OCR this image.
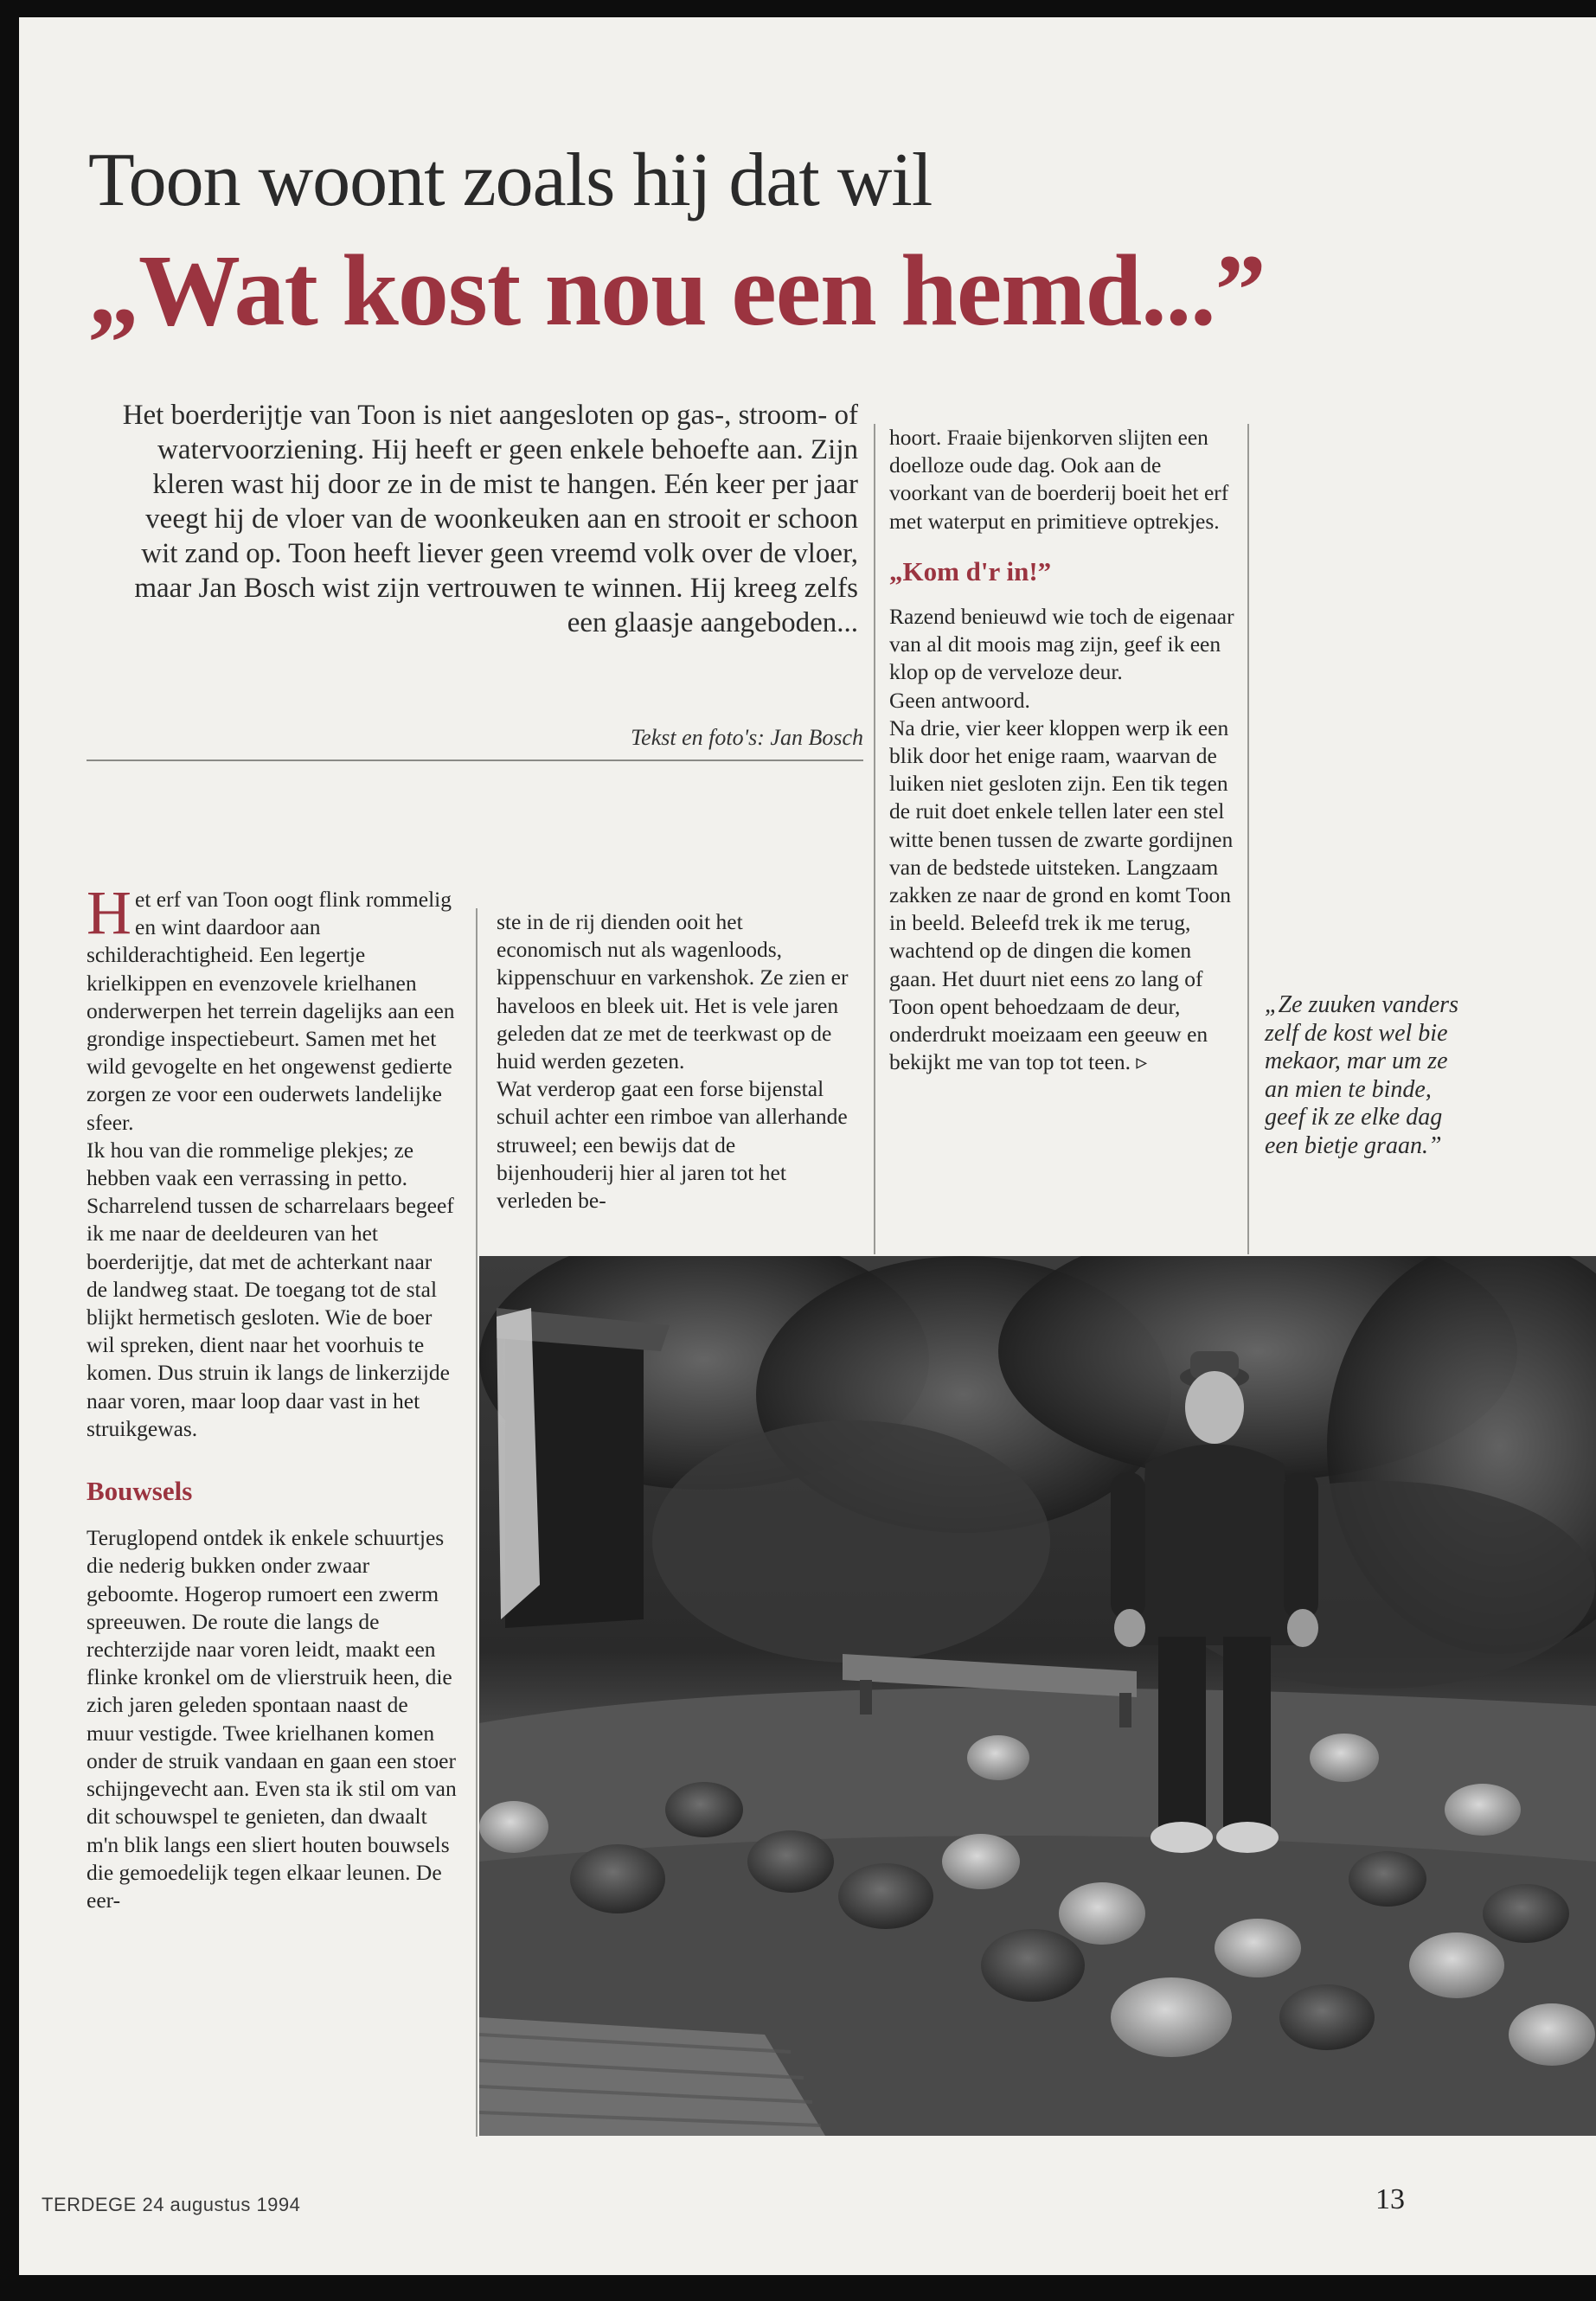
Toon woont zoals hij dat wil
„Wat kost nou een hemd...”
Het boerderijtje van Toon is niet aangesloten op gas-, stroom- of watervoorziening. Hij heeft er geen enkele behoefte aan. Zijn kleren wast hij door ze in de mist te hangen. Eén keer per jaar veegt hij de vloer van de woonkeuken aan en strooit er schoon wit zand op. Toon heeft liever geen vreemd volk over de vloer, maar Jan Bosch wist zijn vertrouwen te winnen. Hij kreeg zelfs een glaasje aangeboden...
Tekst en foto's: Jan Bosch

Het erf van Toon oogt flink rommelig en wint daardoor aan schilderachtigheid. Een legertje krielkippen en evenzovele krielhanen onderwerpen het terrein dagelijks aan een grondige inspectiebeurt. Samen met het wild gevogelte en het ongewenst gedierte zorgen ze voor een ouderwets landelijke sfeer.

Ik hou van die rommelige plekjes; ze hebben vaak een verrassing in petto. Scharrelend tussen de scharrelaars begeef ik me naar de deeldeuren van het boerderijtje, dat met de achterkant naar de landweg staat. De toegang tot de stal blijkt hermetisch gesloten. Wie de boer wil spreken, dient naar het voorhuis te komen. Dus struin ik langs de linkerzijde naar voren, maar loop daar vast in het struikgewas.

Bouwsels

Teruglopend ontdek ik enkele schuurtjes die nederig bukken onder zwaar geboomte. Hogerop rumoert een zwerm spreeuwen. De route die langs de rechterzijde naar voren leidt, maakt een flinke kronkel om de vlierstruik heen, die zich jaren geleden spontaan naast de muur vestigde. Twee krielhanen komen onder de struik vandaan en gaan een stoer schijngevecht aan. Even sta ik stil om van dit schouwspel te genieten, dan dwaalt m'n blik langs een sliert houten bouwsels die gemoedelijk tegen elkaar leunen. De eer-

ste in de rij dienden ooit het economisch nut als wagenloods, kippenschuur en varkenshok. Ze zien er haveloos en bleek uit. Het is vele jaren geleden dat ze met de teerkwast op de huid werden gezeten.

Wat verderop gaat een forse bijenstal schuil achter een rimboe van allerhande struweel; een bewijs dat de bijenhouderij hier al jaren tot het verleden be-

hoort. Fraaie bijenkorven slijten een doelloze oude dag. Ook aan de voorkant van de boerderij boeit het erf met waterput en primitieve optrekjes.

„Kom d'r in!”

Razend benieuwd wie toch de eigenaar van al dit moois mag zijn, geef ik een klop op de verveloze deur.

Geen antwoord.

Na drie, vier keer kloppen werp ik een blik door het enige raam, waarvan de luiken niet gesloten zijn. Een tik tegen de ruit doet enkele tellen later een stel witte benen tussen de zwarte gordijnen van de bedstede uitsteken. Langzaam zakken ze naar de grond en komt Toon in beeld. Beleefd trek ik me terug, wachtend op de dingen die komen gaan. Het duurt niet eens zo lang of Toon opent behoedzaam de deur, onderdrukt moeizaam een geeuw en bekijkt me van top tot teen. ▹

„Ze zuuken vanders zelf de kost wel bie mekaor, mar um ze an mien te binde, geef ik ze elke dag een bietje graan.”
TERDEGE 24 augustus 1994	13
